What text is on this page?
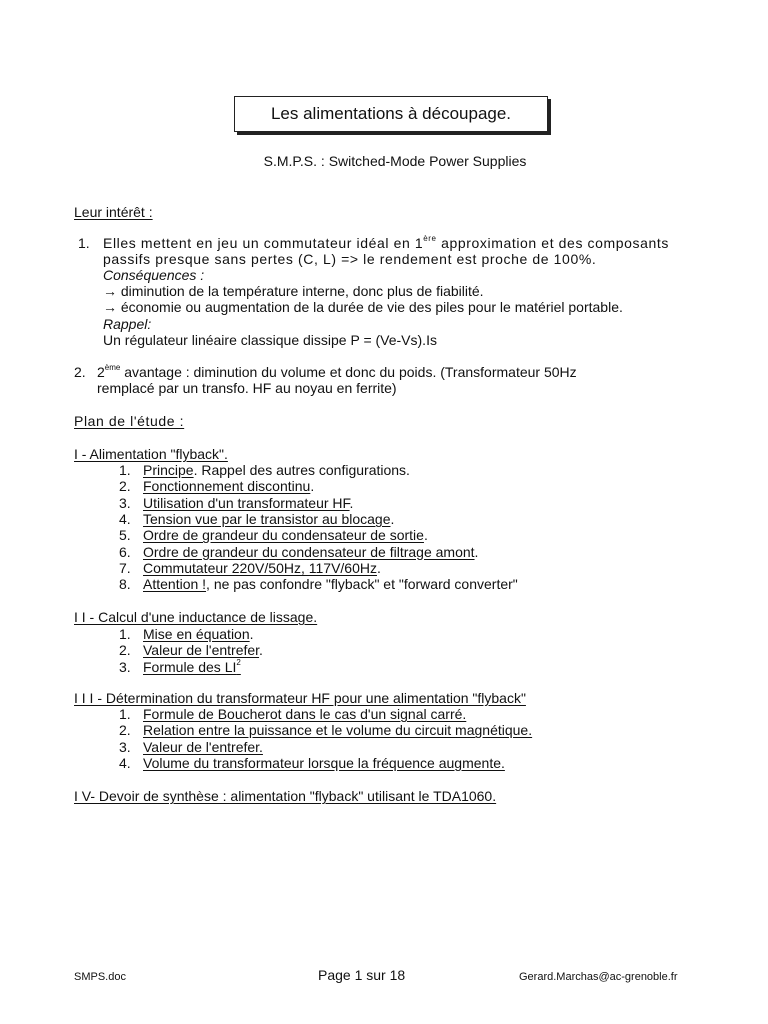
Les alimentations à découpage.
S.M.P.S. : Switched-Mode Power Supplies
Leur intérêt :
1. Elles mettent en jeu un commutateur idéal en 1ère approximation et des composants
passifs presque sans pertes (C, L) => le rendement est proche de 100%.
Conséquences :
→ diminution de la température interne, donc plus de fiabilité.
→ économie ou augmentation de la durée de vie des piles pour le matériel portable.
Rappel:
Un régulateur linéaire classique dissipe P = (Ve-Vs).Is
2. 2ème avantage : diminution du volume et donc du poids. (Transformateur 50Hz
remplacé par un transfo. HF au noyau en ferrite)
Plan de l'étude :
I - Alimentation "flyback".
1. Principe. Rappel des autres configurations.
2. Fonctionnement discontinu.
3. Utilisation d'un transformateur HF.
4. Tension vue par le transistor au blocage.
5. Ordre de grandeur du condensateur de sortie.
6. Ordre de grandeur du condensateur de filtrage amont.
7. Commutateur 220V/50Hz, 117V/60Hz.
8. Attention !, ne pas confondre "flyback" et "forward converter"
I I - Calcul d'une inductance de lissage.
1. Mise en équation.
2. Valeur de l'entrefer.
3. Formule des $LI^2$
I I I - Détermination du transformateur HF pour une alimentation "flyback"
1. Formule de Boucherot dans le cas d'un signal carré.
2. Relation entre la puissance et le volume du circuit magnétique.
3. Valeur de l'entrefer.
4. Volume du transformateur lorsque la fréquence augmente.
I V- Devoir de synthèse : alimentation "flyback" utilisant le TDA1060.
SMPS.doc	Page 1 sur 18	Gerard.Marchas@ac-grenoble.fr
